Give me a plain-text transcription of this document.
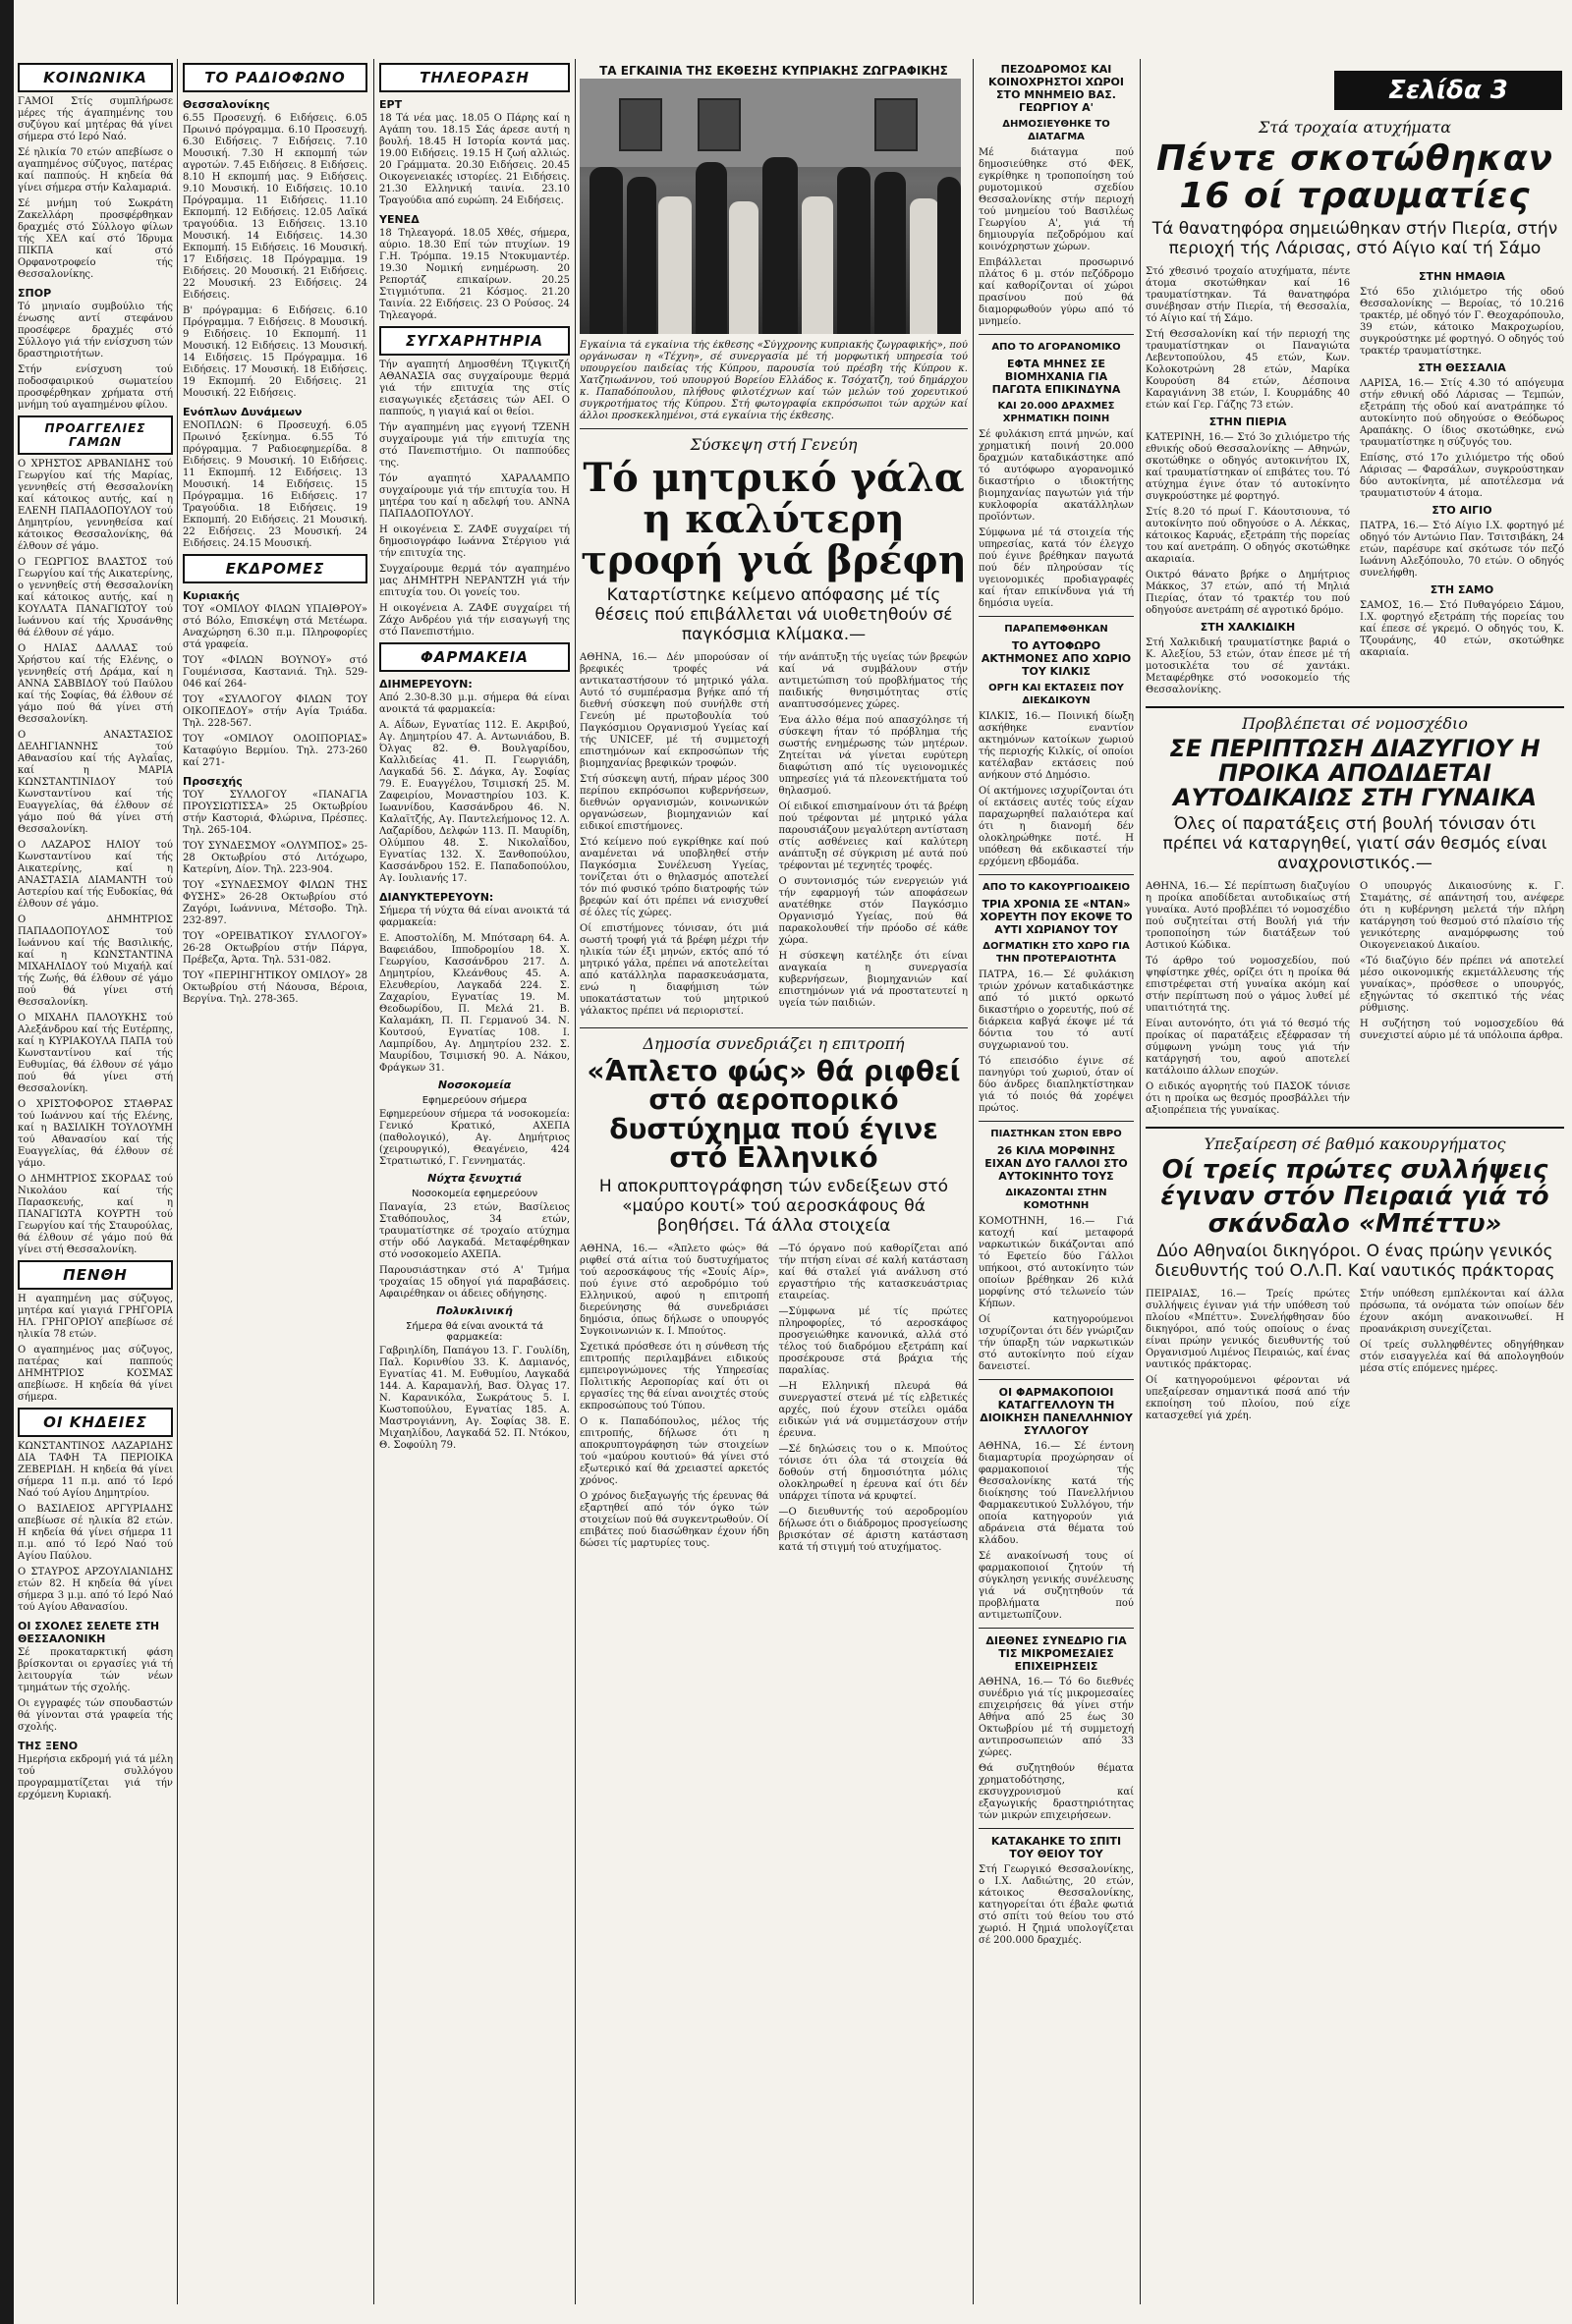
Σελίδα 3
ΚΟΙΝΩΝΙΚΑ

ΓΑΜΟΙ Στίς συμπλήρωσε μέρες τής άγαπημένης του συζύγου καί μητέρας θά γίνει σήμερα στό Ιερό Ναό.

Σέ ηλικία 70 ετών απεβίωσε ο αγαπημένος σύζυγος, πατέρας καί παππούς. Η κηδεία θά γίνει σήμερα στήν Καλαμαριά.

Σέ μνήμη τού Σωκράτη Ζακελλάρη προσφέρθηκαν δραχμές στό Σύλλογο φίλων τής ΧΕΛ καί στό Ίδρυμα ΠΙΚΠΑ καί στό Ορφανοτροφείο τής Θεσσαλονίκης.

ΣΠΟΡ

Τό μηνιαίο συμβούλιο τής ένωσης αντί στεφάνου προσέφερε δραχμές στό Σύλλογο γιά τήν ενίσχυση τών δραστηριοτήτων.

Στήν ενίσχυση τού ποδοσφαιρικού σωματείου προσφέρθηκαν χρήματα στή μνήμη τού αγαπημένου φίλου.

ΠΡΟΑΓΓΕΛΙΕΣ ΓΑΜΩΝ

Ο ΧΡΗΣΤΟΣ ΑΡΒΑΝΙΔΗΣ τού Γεωργίου καί τής Μαρίας, γεννηθείς στή Θεσσαλονίκη καί κάτοικος αυτής, καί η ΕΛΕΝΗ ΠΑΠΑΔΟΠΟΥΛΟΥ τού Δημητρίου, γεννηθείσα καί κάτοικος Θεσσαλονίκης, θά έλθουν σέ γάμο.

Ο ΓΕΩΡΓΙΟΣ ΒΛΑΣΤΟΣ τού Γεωργίου καί τής Αικατερίνης, ο γεννηθείς στή Θεσσαλονίκη καί κάτοικος αυτής, καί η ΚΟΥΛΑΤΑ ΠΑΝΑΓΙΩΤΟΥ τού Ιωάννου καί τής Χρυσάνθης θά έλθουν σέ γάμο.

Ο ΗΛΙΑΣ ΔΑΛΛΑΣ τού Χρήστου καί τής Ελένης, ο γεννηθείς στή Δράμα, καί η ΑΝΝΑ ΣΑΒΒΙΔΟΥ τού Παύλου καί τής Σοφίας, θά έλθουν σέ γάμο πού θά γίνει στή Θεσσαλονίκη.

Ο ΑΝΑΣΤΑΣΙΟΣ ΔΕΛΗΓΙΑΝΝΗΣ τού Αθανασίου καί τής Αγλαΐας, καί η ΜΑΡΙΑ ΚΩΝΣΤΑΝΤΙΝΙΔΟΥ τού Κωνσταντίνου καί τής Ευαγγελίας, θά έλθουν σέ γάμο πού θά γίνει στή Θεσσαλονίκη.

Ο ΛΑΖΑΡΟΣ ΗΛΙΟΥ τού Κωνσταντίνου καί τής Αικατερίνης, καί η ΑΝΑΣΤΑΣΙΑ ΔΙΑΜΑΝΤΗ τού Αστερίου καί τής Ευδοκίας, θά έλθουν σέ γάμο.

Ο ΔΗΜΗΤΡΙΟΣ ΠΑΠΑΔΟΠΟΥΛΟΣ τού Ιωάννου καί τής Βασιλικής, καί η ΚΩΝΣΤΑΝΤΙΝΑ ΜΙΧΑΗΛΙΔΟΥ τού Μιχαήλ καί τής Ζωής, θά έλθουν σέ γάμο πού θά γίνει στή Θεσσαλονίκη.

Ο ΜΙΧΑΗΛ ΠΑΛΟΥΚΗΣ τού Αλεξάνδρου καί τής Ευτέρπης, καί η ΚΥΡΙΑΚΟΥΛΑ ΠΑΠΑ τού Κωνσταντίνου καί τής Ευθυμίας, θά έλθουν σέ γάμο πού θά γίνει στή Θεσσαλονίκη.

Ο ΧΡΙΣΤΟΦΟΡΟΣ ΣΤΑΘΡΑΣ τού Ιωάννου καί τής Ελένης, καί η ΒΑΣΙΛΙΚΗ ΤΟΥΛΟΥΜΗ τού Αθανασίου καί τής Ευαγγελίας, θά έλθουν σέ γάμο.

Ο ΔΗΜΗΤΡΙΟΣ ΣΚΟΡΔΑΣ τού Νικολάου καί τής Παρασκευής, καί η ΠΑΝΑΓΙΩΤΑ ΚΟΥΡΤΗ τού Γεωργίου καί τής Σταυρούλας, θά έλθουν σέ γάμο πού θά γίνει στή Θεσσαλονίκη.

ΠΕΝΘΗ

Η αγαπημένη μας σύζυγος, μητέρα καί γιαγιά ΓΡΗΓΟΡΙΑ ΗΛ. ΓΡΗΓΟΡΙΟΥ απεβίωσε σέ ηλικία 78 ετών.

Ο αγαπημένος μας σύζυγος, πατέρας καί παππούς ΔΗΜΗΤΡΙΟΣ ΚΟΣΜΑΣ απεβίωσε. Η κηδεία θά γίνει σήμερα.

ΟΙ ΚΗΔΕΙΕΣ

ΚΩΝΣΤΑΝΤΙΝΟΣ ΛΑΖΑΡΙΔΗΣ ΔΙΑ ΤΑΦΗ ΤΑ ΠΕΡΙΟΙΚΑ ΖΕΒΕΡΙΔΗ. Η κηδεία θά γίνει σήμερα 11 π.μ. από τό Ιερό Ναό τού Αγίου Δημητρίου.

Ο ΒΑΣΙΛΕΙΟΣ ΑΡΓΥΡΙΑΔΗΣ απεβίωσε σέ ηλικία 82 ετών. Η κηδεία θά γίνει σήμερα 11 π.μ. από τό Ιερό Ναό τού Αγίου Παύλου.

Ο ΣΤΑΥΡΟΣ ΑΡΖΟΥΛΙΑΝΙΔΗΣ ετών 82. Η κηδεία θά γίνει σήμερα 3 μ.μ. από τό Ιερό Ναό τού Αγίου Αθανασίου.

ΟΙ ΣΧΟΛΕΣ ΣΕΛΕΤΕ ΣΤΗ ΘΕΣΣΑΛΟΝΙΚΗ

Σέ προκαταρκτική φάση βρίσκονται οι εργασίες γιά τή λειτουργία τών νέων τμημάτων τής σχολής.

Οι εγγραφές τών σπουδαστών θά γίνονται στά γραφεία τής σχολής.

ΤΗΣ ΞΕΝΟ

Ημερήσια εκδρομή γιά τά μέλη τού συλλόγου προγραμματίζεται γιά τήν ερχόμενη Κυριακή.

ΤΟ ΡΑΔΙΟΦΩΝΟ
Θεσσαλονίκης

6.55 Προσευχή. 6 Ειδήσεις. 6.05 Πρωινό πρόγραμμα. 6.10 Προσευχή. 6.30 Ειδήσεις. 7 Ειδήσεις. 7.10 Μουσική. 7.30 Η εκπομπή τών αγροτών. 7.45 Ειδήσεις. 8 Ειδήσεις. 8.10 Η εκπομπή μας. 9 Ειδήσεις. 9.10 Μουσική. 10 Ειδήσεις. 10.10 Πρόγραμμα. 11 Ειδήσεις. 11.10 Εκπομπή. 12 Ειδήσεις. 12.05 Λαϊκά τραγούδια. 13 Ειδήσεις. 13.10 Μουσική. 14 Ειδήσεις. 14.30 Εκπομπή. 15 Ειδήσεις. 16 Μουσική. 17 Ειδήσεις. 18 Πρόγραμμα. 19 Ειδήσεις. 20 Μουσική. 21 Ειδήσεις. 22 Μουσική. 23 Ειδήσεις. 24 Ειδήσεις.

Β' πρόγραμμα: 6 Ειδήσεις. 6.10 Πρόγραμμα. 7 Ειδήσεις. 8 Μουσική. 9 Ειδήσεις. 10 Εκπομπή. 11 Μουσική. 12 Ειδήσεις. 13 Μουσική. 14 Ειδήσεις. 15 Πρόγραμμα. 16 Ειδήσεις. 17 Μουσική. 18 Ειδήσεις. 19 Εκπομπή. 20 Ειδήσεις. 21 Μουσική. 22 Ειδήσεις.

Ενόπλων Δυνάμεων

ΕΝΟΠΛΩΝ: 6 Προσευχή. 6.05 Πρωινό ξεκίνημα. 6.55 Τό πρόγραμμα. 7 Ραδιοεφημερίδα. 8 Ειδήσεις. 9 Μουσική. 10 Ειδήσεις. 11 Εκπομπή. 12 Ειδήσεις. 13 Μουσική. 14 Ειδήσεις. 15 Πρόγραμμα. 16 Ειδήσεις. 17 Τραγούδια. 18 Ειδήσεις. 19 Εκπομπή. 20 Ειδήσεις. 21 Μουσική. 22 Ειδήσεις. 23 Μουσική. 24 Ειδήσεις. 24.15 Μουσική.

ΕΚΔΡΟΜΕΣ
Κυριακής

ΤΟΥ «ΟΜΙΛΟΥ ΦΙΛΩΝ ΥΠΑΙΘΡΟΥ» στό Βόλο, Επισκέψη στά Μετέωρα. Αναχώρηση 6.30 π.μ. Πληροφορίες στά γραφεία.

ΤΟΥ «ΦΙΛΩΝ ΒΟΥΝΟΥ» στό Γουμένισσα, Καστανιά. Τηλ. 529-046 καί 264-

ΤΟΥ «ΣΥΛΛΟΓΟΥ ΦΙΛΩΝ ΤΟΥ ΟΙΚΟΠΕΔΟΥ» στήν Αγία Τριάδα. Τηλ. 228-567.

ΤΟΥ «ΟΜΙΛΟΥ ΟΔΟΙΠΟΡΙΑΣ» Καταφύγιο Βερμίου. Τηλ. 273-260 καί 271-

Προσεχής

ΤΟΥ ΣΥΛΛΟΓΟΥ «ΠΑΝΑΓΙΑ ΠΡΟΥΣΙΩΤΙΣΣΑ» 25 Οκτωβρίου στήν Καστοριά, Φλώρινα, Πρέσπες. Τηλ. 265-104.

ΤΟΥ ΣΥΝΔΕΣΜΟΥ «ΟΛΥΜΠΟΣ» 25-28 Οκτωβρίου στό Λιτόχωρο, Κατερίνη, Δίον. Τηλ. 223-904.

ΤΟΥ «ΣΥΝΔΕΣΜΟΥ ΦΙΛΩΝ ΤΗΣ ΦΥΣΗΣ» 26-28 Οκτωβρίου στό Ζαγόρι, Ιωάννινα, Μέτσοβο. Τηλ. 232-897.

ΤΟΥ «ΟΡΕΙΒΑΤΙΚΟΥ ΣΥΛΛΟΓΟΥ» 26-28 Οκτωβρίου στήν Πάργα, Πρέβεζα, Άρτα. Τηλ. 531-082.

ΤΟΥ «ΠΕΡΙΗΓΗΤΙΚΟΥ ΟΜΙΛΟΥ» 28 Οκτωβρίου στή Νάουσα, Βέροια, Βεργίνα. Τηλ. 278-365.

ΤΗΛΕΟΡΑΣΗ
ΕΡΤ

18 Τά νέα μας. 18.05 Ο Πάρης καί η Αγάπη του. 18.15 Σάς άρεσε αυτή η βουλή. 18.45 Η Ιστορία κοντά μας. 19.00 Ειδήσεις. 19.15 Η ζωή αλλιώς. 20 Γράμματα. 20.30 Ειδήσεις. 20.45 Οικογενειακές ιστορίες. 21 Ειδήσεις. 21.30 Ελληνική ταινία. 23.10 Τραγούδια από ευρώπη. 24 Ειδήσεις.

ΥΕΝΕΔ

18 Τηλεαγορά. 18.05 Χθές, σήμερα, αύριο. 18.30 Επί τών πτυχίων. 19 Γ.Η. Τρόμπα. 19.15 Ντοκυμαντέρ. 19.30 Νομική ενημέρωση. 20 Ρεπορτάζ επικαίρων. 20.25 Στιγμιότυπα. 21 Κόσμος. 21.20 Ταινία. 22 Ειδήσεις. 23 Ο Ρούσος. 24 Τηλεαγορά.

ΣΥΓΧΑΡΗΤΗΡΙΑ

Τήν αγαπητή Δημοσθένη Τζιγκιτζή ΑΘΑΝΑΣΙΑ σας συγχαίρουμε θερμά γιά τήν επιτυχία της στίς εισαγωγικές εξετάσεις τών ΑΕΙ. Ο παππούς, η γιαγιά καί οι θείοι.

Τήν αγαπημένη μας εγγονή ΤΖΕΝΗ συγχαίρουμε γιά τήν επιτυχία της στό Πανεπιστήμιο. Οι παππούδες της.

Τόν αγαπητό ΧΑΡΑΛΑΜΠΟ συγχαίρουμε γιά τήν επιτυχία του. Η μητέρα του καί η αδελφή του. ΑΝΝΑ ΠΑΠΑΔΟΠΟΥΛΟΥ.

Η οικογένεια Σ. ΖΑΦΕ συγχαίρει τή δημοσιογράφο Ιωάννα Στέργιου γιά τήν επιτυχία της.

Συγχαίρουμε θερμά τόν αγαπημένο μας ΔΗΜΗΤΡΗ ΝΕΡΑΝΤΖΗ γιά τήν επιτυχία του. Οι γονείς του.

Η οικογένεια Α. ΖΑΦΕ συγχαίρει τή Ζάχο Ανδρέου γιά τήν εισαγωγή της στό Πανεπιστήμιο.

ΦΑΡΜΑΚΕΙΑ
ΔΙΗΜΕΡΕΥΟΥΝ:

Από 2.30-8.30 μ.μ. σήμερα θά είναι ανοικτά τά φαρμακεία:

Α. Αΐδων, Εγνατίας 112. Ε. Ακριβού, Αγ. Δημητρίου 47. Α. Αντωνιάδου, Β. Όλγας 82. Θ. Βουλγαρίδου, Καλλιδείας 41. Π. Γεωργιάδη, Λαγκαδά 56. Σ. Δάγκα, Αγ. Σοφίας 79. Ε. Ευαγγέλου, Τσιμισκή 25. Μ. Ζαφειρίου, Μοναστηρίου 103. Κ. Ιωαννίδου, Κασσάνδρου 46. Ν. Καλαϊτζής, Αγ. Παντελεήμονος 12. Λ. Λαζαρίδου, Δελφών 113. Π. Μαυρίδη, Ολύμπου 48. Σ. Νικολαΐδου, Εγνατίας 132. Χ. Ξανθοπούλου, Κασσάνδρου 152. Ε. Παπαδοπούλου, Αγ. Ιουλιανής 17.

ΔΙΑΝΥΚΤΕΡΕΥΟΥΝ:

Σήμερα τή νύχτα θά είναι ανοικτά τά φαρμακεία:

Ε. Αποστολίδη, Μ. Μπότσαρη 64. Α. Βαφειάδου, Ιπποδρομίου 18. Χ. Γεωργίου, Κασσάνδρου 217. Δ. Δημητρίου, Κλεάνθους 45. Α. Ελευθερίου, Λαγκαδά 224. Σ. Ζαχαρίου, Εγνατίας 19. Μ. Θεοδωρίδου, Π. Μελά 21. Β. Καλαμάκη, Π. Π. Γερμανού 34. Ν. Κουτσού, Εγνατίας 108. Ι. Λαμπρίδου, Αγ. Δημητρίου 232. Σ. Μαυρίδου, Τσιμισκή 90. Α. Νάκου, Φράγκων 31.

Νοσοκομεία
Εφημερεύουν σήμερα

Εφημερεύουν σήμερα τά νοσοκομεία: Γενικό Κρατικό, ΑΧΕΠΑ (παθολογικό), Αγ. Δημήτριος (χειρουργικό), Θεαγένειο, 424 Στρατιωτικό, Γ. Γεννηματάς.

Νύχτα ξενυχτιά
Νοσοκομεία εφημερεύουν

Παναγία, 23 ετών, Βασίλειος Σταθόπουλος, 34 ετών, τραυματίστηκε σέ τροχαίο ατύχημα στήν οδό Λαγκαδά. Μεταφέρθηκαν στό νοσοκομείο ΑΧΕΠΑ.

Παρουσιάστηκαν στό Α' Τμήμα τροχαίας 15 οδηγοί γιά παραβάσεις. Αφαιρέθηκαν οι άδειες οδήγησης.

Πολυκλινική
Σήμερα θά είναι ανοικτά τά φαρμακεία:

Γαβριηλίδη, Παπάγου 13. Γ. Γουλίδη, Παλ. Κορινθίου 33. Κ. Δαμιανός, Εγνατίας 41. Μ. Ευθυμίου, Λαγκαδά 144. Α. Καραμανλή, Βασ. Όλγας 17. Ν. Καρανικόλα, Σωκράτους 5. Ι. Κωστοπούλου, Εγνατίας 185. Α. Μαστρογιάννη, Αγ. Σοφίας 38. Ε. Μιχαηλίδου, Λαγκαδά 52. Π. Ντόκου, Θ. Σοφούλη 79.

ΤΑ ΕΓΚΑΙΝΙΑ ΤΗΣ ΕΚΘΕΣΗΣ ΚΥΠΡΙΑΚΗΣ ΖΩΓΡΑΦΙΚΗΣ

Εγκαίνια τά εγκαίνια τής έκθεσης «Σύγχρονης κυπριακής ζωγραφικής», πού οργάνωσαν η «Τέχνη», σέ συνεργασία μέ τή μορφωτική υπηρεσία τού υπουργείου παιδείας τής Κύπρου, παρουσία τού πρέσβη τής Κύπρου κ. Χατζηιωάννου, τού υπουργού Βορείου Ελλάδος κ. Τσόχατζη, τού δημάρχου κ. Παπαδόπουλου, πλήθους φιλοτέχνων καί τών μελών τού χορευτικού συγκροτήματος τής Κύπρου. Στή φωτογραφία εκπρόσωποι τών αρχών καί άλλοι προσκεκλημένοι, στά εγκαίνια τής έκθεσης.

Σύσκεψη στή Γενεύη
Τό μητρικό γάλα η καλύτερη τροφή γιά βρέφη
Καταρτίστηκε κείμενο απόφασης μέ τίς θέσεις πού επιβάλλεται νά υιοθετηθούν σέ παγκόσμια κλίμακα.—

ΑΘΗΝΑ, 16.— Δέν μπορούσαν οί βρεφικές τροφές νά αντικαταστήσουν τό μητρικό γάλα. Αυτό τό συμπέρασμα βγήκε από τή διεθνή σύσκεψη πού συνήλθε στή Γενεύη μέ πρωτοβουλία τού Παγκόσμιου Οργανισμού Υγείας καί τής UNICEF, μέ τή συμμετοχή επιστημόνων καί εκπροσώπων τής βιομηχανίας βρεφικών τροφών.

Στή σύσκεψη αυτή, πήραν μέρος 300 περίπου εκπρόσωποι κυβερνήσεων, διεθνών οργανισμών, κοινωνικών οργανώσεων, βιομηχανιών καί ειδικοί επιστήμονες.

Στό κείμενο πού εγκρίθηκε καί πού αναμένεται νά υποβληθεί στήν Παγκόσμια Συνέλευση Υγείας, τονίζεται ότι ο θηλασμός αποτελεί τόν πιό φυσικό τρόπο διατροφής τών βρεφών καί ότι πρέπει νά ενισχυθεί σέ όλες τίς χώρες.

Οί επιστήμονες τόνισαν, ότι μιά σωστή τροφή γιά τά βρέφη μέχρι τήν ηλικία τών έξι μηνών, εκτός από τό μητρικό γάλα, πρέπει νά αποτελείται από κατάλληλα παρασκευάσματα, ενώ η διαφήμιση τών υποκατάστατων τού μητρικού γάλακτος πρέπει νά περιοριστεί.

τήν ανάπτυξη τής υγείας τών βρεφών καί νά συμβάλουν στήν αντιμετώπιση τού προβλήματος τής παιδικής θνησιμότητας στίς αναπτυσσόμενες χώρες.

Ένα άλλο θέμα πού απασχόλησε τή σύσκεψη ήταν τό πρόβλημα τής σωστής ενημέρωσης τών μητέρων. Ζητείται νά γίνεται ευρύτερη διαφώτιση από τίς υγειονομικές υπηρεσίες γιά τά πλεονεκτήματα τού θηλασμού.

Οί ειδικοί επισημαίνουν ότι τά βρέφη πού τρέφονται μέ μητρικό γάλα παρουσιάζουν μεγαλύτερη αντίσταση στίς ασθένειες καί καλύτερη ανάπτυξη σέ σύγκριση μέ αυτά πού τρέφονται μέ τεχνητές τροφές.

Ο συντονισμός τών ενεργειών γιά τήν εφαρμογή τών αποφάσεων ανατέθηκε στόν Παγκόσμιο Οργανισμό Υγείας, πού θά παρακολουθεί τήν πρόοδο σέ κάθε χώρα.

Η σύσκεψη κατέληξε ότι είναι αναγκαία η συνεργασία κυβερνήσεων, βιομηχανιών καί επιστημόνων γιά νά προστατευτεί η υγεία τών παιδιών.

Δημοσία συνεδριάζει η επιτροπή
«Άπλετο φώς» θά ριφθεί στό αεροπορικό δυστύχημα πού έγινε στό Ελληνικό
Η αποκρυπτογράφηση τών ενδείξεων στό «μαύρο κουτί» τού αεροσκάφους θά βοηθήσει. Τά άλλα στοιχεία

ΑΘΗΝΑ, 16.— «Άπλετο φώς» θά ριφθεί στά αίτια τού δυστυχήματος τού αεροσκάφους τής «Σουίς Αίρ», πού έγινε στό αεροδρόμιο τού Ελληνικού, αφού η επιτροπή διερεύνησης θά συνεδριάσει δημόσια, όπως δήλωσε ο υπουργός Συγκοινωνιών κ. Ι. Μπούτος.

Σχετικά πρόσθεσε ότι η σύνθεση τής επιτροπής περιλαμβάνει ειδικούς εμπειρογνώμονες τής Υπηρεσίας Πολιτικής Αεροπορίας καί ότι οι εργασίες της θά είναι ανοιχτές στούς εκπροσώπους τού Τύπου.

Ο κ. Παπαδόπουλος, μέλος τής επιτροπής, δήλωσε ότι η αποκρυπτογράφηση τών στοιχείων τού «μαύρου κουτιού» θά γίνει στό εξωτερικό καί θά χρειαστεί αρκετός χρόνος.

Ο χρόνος διεξαγωγής τής έρευνας θά εξαρτηθεί από τόν όγκο τών στοιχείων πού θά συγκεντρωθούν. Οί επιβάτες πού διασώθηκαν έχουν ήδη δώσει τίς μαρτυρίες τους.

—Τό όργανο πού καθορίζεται από τήν πτήση είναι σέ καλή κατάσταση καί θά σταλεί γιά ανάλυση στό εργαστήριο τής κατασκευάστριας εταιρείας.

—Σύμφωνα μέ τίς πρώτες πληροφορίες, τό αεροσκάφος προσγειώθηκε κανονικά, αλλά στό τέλος τού διαδρόμου εξετράπη καί προσέκρουσε στά βράχια τής παραλίας.

—Η Ελληνική πλευρά θά συνεργαστεί στενά μέ τίς ελβετικές αρχές, πού έχουν στείλει ομάδα ειδικών γιά νά συμμετάσχουν στήν έρευνα.

—Σέ δηλώσεις του ο κ. Μπούτος τόνισε ότι όλα τά στοιχεία θά δοθούν στή δημοσιότητα μόλις ολοκληρωθεί η έρευνα καί ότι δέν υπάρχει τίποτα νά κρυφτεί.

—Ο διευθυντής τού αεροδρομίου δήλωσε ότι ο διάδρομος προσγείωσης βρισκόταν σέ άριστη κατάσταση κατά τή στιγμή τού ατυχήματος.

ΠΕΖΟΔΡΟΜΟΣ ΚΑΙ ΚΟΙΝΟΧΡΗΣΤΟΙ ΧΩΡΟΙ ΣΤΟ ΜΝΗΜΕΙΟ ΒΑΣ. ΓΕΩΡΓΙΟΥ Α'
ΔΗΜΟΣΙΕΥΘΗΚΕ ΤΟ ΔΙΑΤΑΓΜΑ

Μέ διάταγμα πού δημοσιεύθηκε στό ΦΕΚ, εγκρίθηκε η τροποποίηση τού ρυμοτομικού σχεδίου Θεσσαλονίκης στήν περιοχή τού μνημείου τού Βασιλέως Γεωργίου Α', γιά τή δημιουργία πεζοδρόμου καί κοινόχρηστων χώρων.

Επιβάλλεται προσωρινό πλάτος 6 μ. στόν πεζόδρομο καί καθορίζονται οί χώροι πρασίνου πού θά διαμορφωθούν γύρω από τό μνημείο.

ΑΠΟ ΤΟ ΑΓΟΡΑΝΟΜΙΚΟ
ΕΦΤΑ ΜΗΝΕΣ ΣΕ ΒΙΟΜΗΧΑΝΙΑ ΓΙΑ ΠΑΓΩΤΑ ΕΠΙΚΙΝΔΥΝΑ
ΚΑΙ 20.000 ΔΡΑΧΜΕΣ ΧΡΗΜΑΤΙΚΗ ΠΟΙΝΗ

Σέ φυλάκιση επτά μηνών, καί χρηματική ποινή 20.000 δραχμών καταδικάστηκε από τό αυτόφωρο αγορανομικό δικαστήριο ο ιδιοκτήτης βιομηχανίας παγωτών γιά τήν κυκλοφορία ακατάλληλων προϊόντων.

Σύμφωνα μέ τά στοιχεία τής υπηρεσίας, κατά τόν έλεγχο πού έγινε βρέθηκαν παγωτά πού δέν πληρούσαν τίς υγειονομικές προδιαγραφές καί ήταν επικίνδυνα γιά τή δημόσια υγεία.

ΠΑΡΑΠΕΜΦΘΗΚΑΝ
ΤΟ ΑΥΤΟΦΩΡΟ ΑΚΤΗΜΟΝΕΣ ΑΠΟ ΧΩΡΙΟ ΤΟΥ ΚΙΛΚΙΣ
ΟΡΓΗ ΚΑΙ ΕΚΤΑΣΕΙΣ ΠΟΥ ΔΙΕΚΔΙΚΟΥΝ

ΚΙΛΚΙΣ, 16.— Ποινική δίωξη ασκήθηκε εναντίον ακτημόνων κατοίκων χωριού τής περιοχής Κιλκίς, οί οποίοι κατέλαβαν εκτάσεις πού ανήκουν στό Δημόσιο.

Οί ακτήμονες ισχυρίζονται ότι οί εκτάσεις αυτές τούς είχαν παραχωρηθεί παλαιότερα καί ότι η διανομή δέν ολοκληρώθηκε ποτέ. Η υπόθεση θά εκδικαστεί τήν ερχόμενη εβδομάδα.

ΑΠΟ ΤΟ ΚΑΚΟΥΡΓΙΟΔΙΚΕΙΟ
ΤΡΙΑ ΧΡΟΝΙΑ ΣΕ «ΝΤΑΝ» ΧΟΡΕΥΤΗ ΠΟΥ ΕΚΟΨΕ ΤΟ ΑΥΤΙ ΧΩΡΙΑΝΟΥ ΤΟΥ
ΔΟΓΜΑΤΙΚΗ ΣΤΟ ΧΩΡΟ ΓΙΑ ΤΗΝ ΠΡΟΤΕΡΑΙΟΤΗΤΑ

ΠΑΤΡΑ, 16.— Σέ φυλάκιση τριών χρόνων καταδικάστηκε από τό μικτό ορκωτό δικαστήριο ο χορευτής, πού σέ διάρκεια καβγά έκοψε μέ τά δόντια του τό αυτί συγχωριανού του.

Τό επεισόδιο έγινε σέ πανηγύρι τού χωριού, όταν οί δύο άνδρες διαπληκτίστηκαν γιά τό ποιός θά χορέψει πρώτος.

ΠΙΑΣΤΗΚΑΝ ΣΤΟΝ ΕΒΡΟ
26 ΚΙΛΑ ΜΟΡΦΙΝΗΣ ΕΙΧΑΝ ΔΥΟ ΓΑΛΛΟΙ ΣΤΟ ΑΥΤΟΚΙΝΗΤΟ ΤΟΥΣ
ΔΙΚΑΖΟΝΤΑΙ ΣΤΗΝ ΚΟΜΟΤΗΝΗ

ΚΟΜΟΤΗΝΗ, 16.— Γιά κατοχή καί μεταφορά ναρκωτικών δικάζονται από τό Εφετείο δύο Γάλλοι υπήκοοι, στό αυτοκίνητο τών οποίων βρέθηκαν 26 κιλά μορφίνης στό τελωνείο τών Κήπων.

Οί κατηγορούμενοι ισχυρίζονται ότι δέν γνώριζαν τήν ύπαρξη τών ναρκωτικών στό αυτοκίνητο πού είχαν δανειστεί.

ΟΙ ΦΑΡΜΑΚΟΠΟΙΟΙ ΚΑΤΑΓΓΕΛΛΟΥΝ ΤΗ ΔΙΟΙΚΗΣΗ ΠΑΝΕΛΛΗΝΙΟΥ ΣΥΛΛΟΓΟΥ

ΑΘΗΝΑ, 16.— Σέ έντονη διαμαρτυρία προχώρησαν οί φαρμακοποιοί τής Θεσσαλονίκης κατά τής διοίκησης τού Πανελλήνιου Φαρμακευτικού Συλλόγου, τήν οποία κατηγορούν γιά αδράνεια στά θέματα τού κλάδου.

Σέ ανακοίνωσή τους οί φαρμακοποιοί ζητούν τή σύγκληση γενικής συνέλευσης γιά νά συζητηθούν τά προβλήματα πού αντιμετωπίζουν.

ΔΙΕΘΝΕΣ ΣΥΝΕΔΡΙΟ ΓΙΑ ΤΙΣ ΜΙΚΡΟΜΕΣΑΙΕΣ ΕΠΙΧΕΙΡΗΣΕΙΣ

ΑΘΗΝΑ, 16.— Τό 6ο διεθνές συνέδριο γιά τίς μικρομεσαίες επιχειρήσεις θά γίνει στήν Αθήνα από 25 έως 30 Οκτωβρίου μέ τή συμμετοχή αντιπροσωπειών από 33 χώρες.

Θά συζητηθούν θέματα χρηματοδότησης, εκσυγχρονισμού καί εξαγωγικής δραστηριότητας τών μικρών επιχειρήσεων.

ΚΑΤΑΚΑΗΚΕ ΤΟ ΣΠΙΤΙ ΤΟΥ ΘΕΙΟΥ ΤΟΥ

Στή Γεωργικό Θεσσαλονίκης, ο Ι.Χ. Λαδιώτης, 20 ετών, κάτοικος Θεσσαλονίκης, κατηγορείται ότι έβαλε φωτιά στό σπίτι τού θείου του στό χωριό. Η ζημιά υπολογίζεται σέ 200.000 δραχμές.

Στά τροχαία ατυχήματα
Πέντε σκοτώθηκαν 16 οί τραυματίες
Τά θανατηφόρα σημειώθηκαν στήν Πιερία, στήν περιοχή τής Λάρισας, στό Αίγιο καί τή Σάμο

Στό χθεσινό τροχαίο ατυχήματα, πέντε άτομα σκοτώθηκαν καί 16 τραυματίστηκαν. Τά θανατηφόρα συνέβησαν στήν Πιερία, τή Θεσσαλία, τό Αίγιο καί τή Σάμο.

Στή Θεσσαλονίκη καί τήν περιοχή της τραυματίστηκαν οι Παναγιώτα Λεβεντοπούλου, 45 ετών, Κων. Κολοκοτρώνη 28 ετών, Μαρίκα Κουρούση 84 ετών, Δέσποινα Καραγιάννη 38 ετών, Ι. Κουρμάδης 40 ετών καί Γερ. Γάζης 73 ετών.

ΣΤΗΝ ΠΙΕΡΙΑ

ΚΑΤΕΡΙΝΗ, 16.— Στό 3ο χιλιόμετρο τής εθνικής οδού Θεσσαλονίκης — Αθηνών, σκοτώθηκε ο οδηγός αυτοκινήτου ΙΧ, καί τραυματίστηκαν οί επιβάτες του. Τό ατύχημα έγινε όταν τό αυτοκίνητο συγκρούστηκε μέ φορτηγό.

Στίς 8.20 τό πρωί Γ. Κάουτσιουνα, τό αυτοκίνητο πού οδηγούσε ο Α. Λέκκας, κάτοικος Καρυάς, εξετράπη τής πορείας του καί ανετράπη. Ο οδηγός σκοτώθηκε ακαριαία.

Οικτρό θάνατο βρήκε ο Δημήτριος Μάκκος, 37 ετών, από τή Μηλιά Πιερίας, όταν τό τρακτέρ του πού οδηγούσε ανετράπη σέ αγροτικό δρόμο.

ΣΤΗ ΧΑΛΚΙΔΙΚΗ

Στή Χαλκιδική τραυματίστηκε βαριά ο Κ. Αλεξίου, 53 ετών, όταν έπεσε μέ τή μοτοσικλέτα του σέ χαντάκι. Μεταφέρθηκε στό νοσοκομείο τής Θεσσαλονίκης.

ΣΤΗΝ ΗΜΑΘΙΑ

Στό 65ο χιλιόμετρο τής οδού Θεσσαλονίκης — Βεροίας, τό 10.216 τρακτέρ, μέ οδηγό τόν Γ. Θεοχαρόπουλο, 39 ετών, κάτοικο Μακροχωρίου, συγκρούστηκε μέ φορτηγό. Ο οδηγός τού τρακτέρ τραυματίστηκε.

ΣΤΗ ΘΕΣΣΑΛΙΑ

ΛΑΡΙΣΑ, 16.— Στίς 4.30 τό απόγευμα στήν εθνική οδό Λάρισας — Τεμπών, εξετράπη τής οδού καί ανατράπηκε τό αυτοκίνητο πού οδηγούσε ο Θεόδωρος Αραπάκης. Ο ίδιος σκοτώθηκε, ενώ τραυματίστηκε η σύζυγός του.

Επίσης, στό 17ο χιλιόμετρο τής οδού Λάρισας — Φαρσάλων, συγκρούστηκαν δύο αυτοκίνητα, μέ αποτέλεσμα νά τραυματιστούν 4 άτομα.

ΣΤΟ ΑΙΓΙΟ

ΠΑΤΡΑ, 16.— Στό Αίγιο Ι.Χ. φορτηγό μέ οδηγό τόν Αντώνιο Παν. Τσιτσιβάκη, 24 ετών, παρέσυρε καί σκότωσε τόν πεζό Ιωάννη Αλεξόπουλο, 70 ετών. Ο οδηγός συνελήφθη.

ΣΤΗ ΣΑΜΟ

ΣΑΜΟΣ, 16.— Στό Πυθαγόρειο Σάμου, Ι.Χ. φορτηγό εξετράπη τής πορείας του καί έπεσε σέ γκρεμό. Ο οδηγός του, Κ. Τζουράνης, 40 ετών, σκοτώθηκε ακαριαία.

Προβλέπεται σέ νομοσχέδιο
ΣΕ ΠΕΡΙΠΤΩΣΗ ΔΙΑΖΥΓΙΟΥ Η ΠΡΟΙΚΑ ΑΠΟΔΙΔΕΤΑΙ ΑΥΤΟΔΙΚΑΙΩΣ ΣΤΗ ΓΥΝΑΙΚΑ
Όλες οί παρατάξεις στή βουλή τόνισαν ότι πρέπει νά καταργηθεί, γιατί σάν θεσμός είναι αναχρονιστικός.—

ΑΘΗΝΑ, 16.— Σέ περίπτωση διαζυγίου η προίκα αποδίδεται αυτοδικαίως στή γυναίκα. Αυτό προβλέπει τό νομοσχέδιο πού συζητείται στή Βουλή γιά τήν τροποποίηση τών διατάξεων τού Αστικού Κώδικα.

Τό άρθρο τού νομοσχεδίου, πού ψηφίστηκε χθές, ορίζει ότι η προίκα θά επιστρέφεται στή γυναίκα ακόμη καί στήν περίπτωση πού ο γάμος λυθεί μέ υπαιτιότητά της.

Είναι αυτονόητο, ότι γιά τό θεσμό τής προίκας οί παρατάξεις εξέφρασαν τή σύμφωνη γνώμη τους γιά τήν κατάργησή του, αφού αποτελεί κατάλοιπο άλλων εποχών.

Ο ειδικός αγορητής τού ΠΑΣΟΚ τόνισε ότι η προίκα ως θεσμός προσβάλλει τήν αξιοπρέπεια τής γυναίκας.

Ο υπουργός Δικαιοσύνης κ. Γ. Σταμάτης, σέ απάντησή του, ανέφερε ότι η κυβέρνηση μελετά τήν πλήρη κατάργηση τού θεσμού στό πλαίσιο τής γενικότερης αναμόρφωσης τού Οικογενειακού Δικαίου.

«Τό διαζύγιο δέν πρέπει νά αποτελεί μέσο οικονομικής εκμετάλλευσης τής γυναίκας», πρόσθεσε ο υπουργός, εξηγώντας τό σκεπτικό τής νέας ρύθμισης.

Η συζήτηση τού νομοσχεδίου θά συνεχιστεί αύριο μέ τά υπόλοιπα άρθρα.

Υπεξαίρεση σέ βαθμό κακουργήματος
Οί τρείς πρώτες συλλήψεις έγιναν στόν Πειραιά γιά τό σκάνδαλο «Μπέττυ»
Δύο Αθηναίοι δικηγόροι. Ο ένας πρώην γενικός διευθυντής τού Ο.Λ.Π. Καί ναυτικός πράκτορας

ΠΕΙΡΑΙΑΣ, 16.— Τρείς πρώτες συλλήψεις έγιναν γιά τήν υπόθεση τού πλοίου «Μπέττυ». Συνελήφθησαν δύο δικηγόροι, από τούς οποίους ο ένας είναι πρώην γενικός διευθυντής τού Οργανισμού Λιμένος Πειραιώς, καί ένας ναυτικός πράκτορας.

Οί κατηγορούμενοι φέρονται νά υπεξαίρεσαν σημαντικά ποσά από τήν εκποίηση τού πλοίου, πού είχε κατασχεθεί γιά χρέη.

Στήν υπόθεση εμπλέκονται καί άλλα πρόσωπα, τά ονόματα τών οποίων δέν έχουν ακόμη ανακοινωθεί. Η προανάκριση συνεχίζεται.

Οί τρείς συλληφθέντες οδηγήθηκαν στόν εισαγγελέα καί θά απολογηθούν μέσα στίς επόμενες ημέρες.
